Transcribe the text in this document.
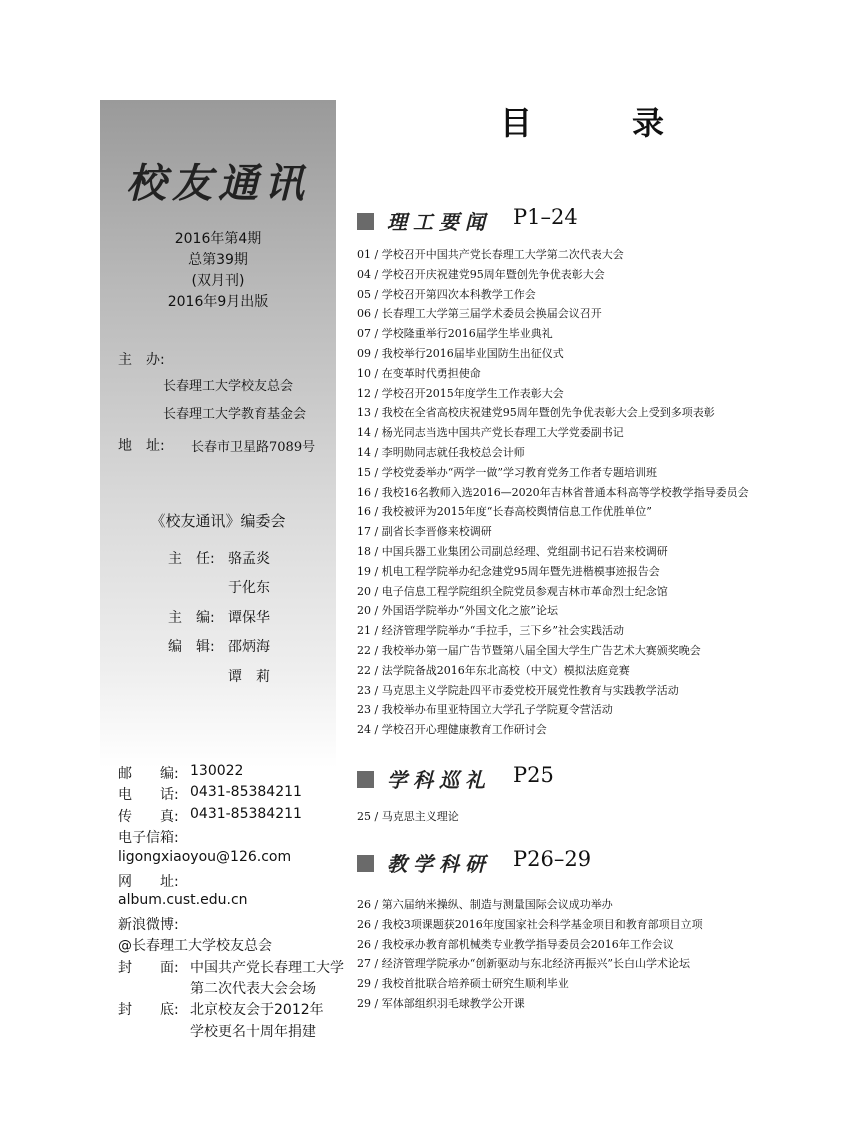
校友通讯
2016年第4期
总第39期
(双月刊)
2016年9月出版
主　办:
长春理工大学校友总会
长春理工大学教育基金会
地　址: 长春市卫星路7089号
《校友通讯》编委会
主　任: 骆孟炎
于化东
主　编: 谭保华
编　辑: 邵炳海
谭　莉
邮　　编: 130022
电　　话: 0431-85384211
传　　真: 0431-85384211
电子信箱:
ligongxiaoyou@126.com
网　　址:
album.cust.edu.cn
新浪微博:
@长春理工大学校友总会
封　　面: 中国共产党长春理工大学
第二次代表大会会场
封　　底: 北京校友会于2012年
学校更名十周年捐建
目　录
理工要闻 P1–24
01 / 学校召开中国共产党长春理工大学第二次代表大会
04 / 学校召开庆祝建党95周年暨创先争优表彰大会
05 / 学校召开第四次本科教学工作会
06 / 长春理工大学第三届学术委员会换届会议召开
07 / 学校隆重举行2016届学生毕业典礼
09 / 我校举行2016届毕业国防生出征仪式
10 / 在变革时代勇担使命
12 / 学校召开2015年度学生工作表彰大会
13 / 我校在全省高校庆祝建党95周年暨创先争优表彰大会上受到多项表彰
14 / 杨光同志当选中国共产党长春理工大学党委副书记
14 / 李明勋同志就任我校总会计师
15 / 学校党委举办“两学一做”学习教育党务工作者专题培训班
16 / 我校16名教师入选2016—2020年吉林省普通本科高等学校教学指导委员会
16 / 我校被评为2015年度“长春高校舆情信息工作优胜单位”
17 / 副省长李晋修来校调研
18 / 中国兵器工业集团公司副总经理、党组副书记石岩来校调研
19 / 机电工程学院举办纪念建党95周年暨先进楷模事迹报告会
20 / 电子信息工程学院组织全院党员参观吉林市革命烈士纪念馆
20 / 外国语学院举办“外国文化之旅”论坛
21 / 经济管理学院举办“手拉手，三下乡”社会实践活动
22 / 我校举办第一届广告节暨第八届全国大学生广告艺术大赛颁奖晚会
22 / 法学院备战2016年东北高校（中文）模拟法庭竞赛
23 / 马克思主义学院赴四平市委党校开展党性教育与实践教学活动
23 / 我校举办布里亚特国立大学孔子学院夏令营活动
24 / 学校召开心理健康教育工作研讨会
学科巡礼 P25
25 / 马克思主义理论
教学科研 P26–29
26 / 第六届纳米操纵、制造与测量国际会议成功举办
26 / 我校3项课题获2016年度国家社会科学基金项目和教育部项目立项
26 / 我校承办教育部机械类专业教学指导委员会2016年工作会议
27 / 经济管理学院承办“创新驱动与东北经济再振兴”长白山学术论坛
29 / 我校首批联合培养硕士研究生顺利毕业
29 / 军体部组织羽毛球教学公开课
